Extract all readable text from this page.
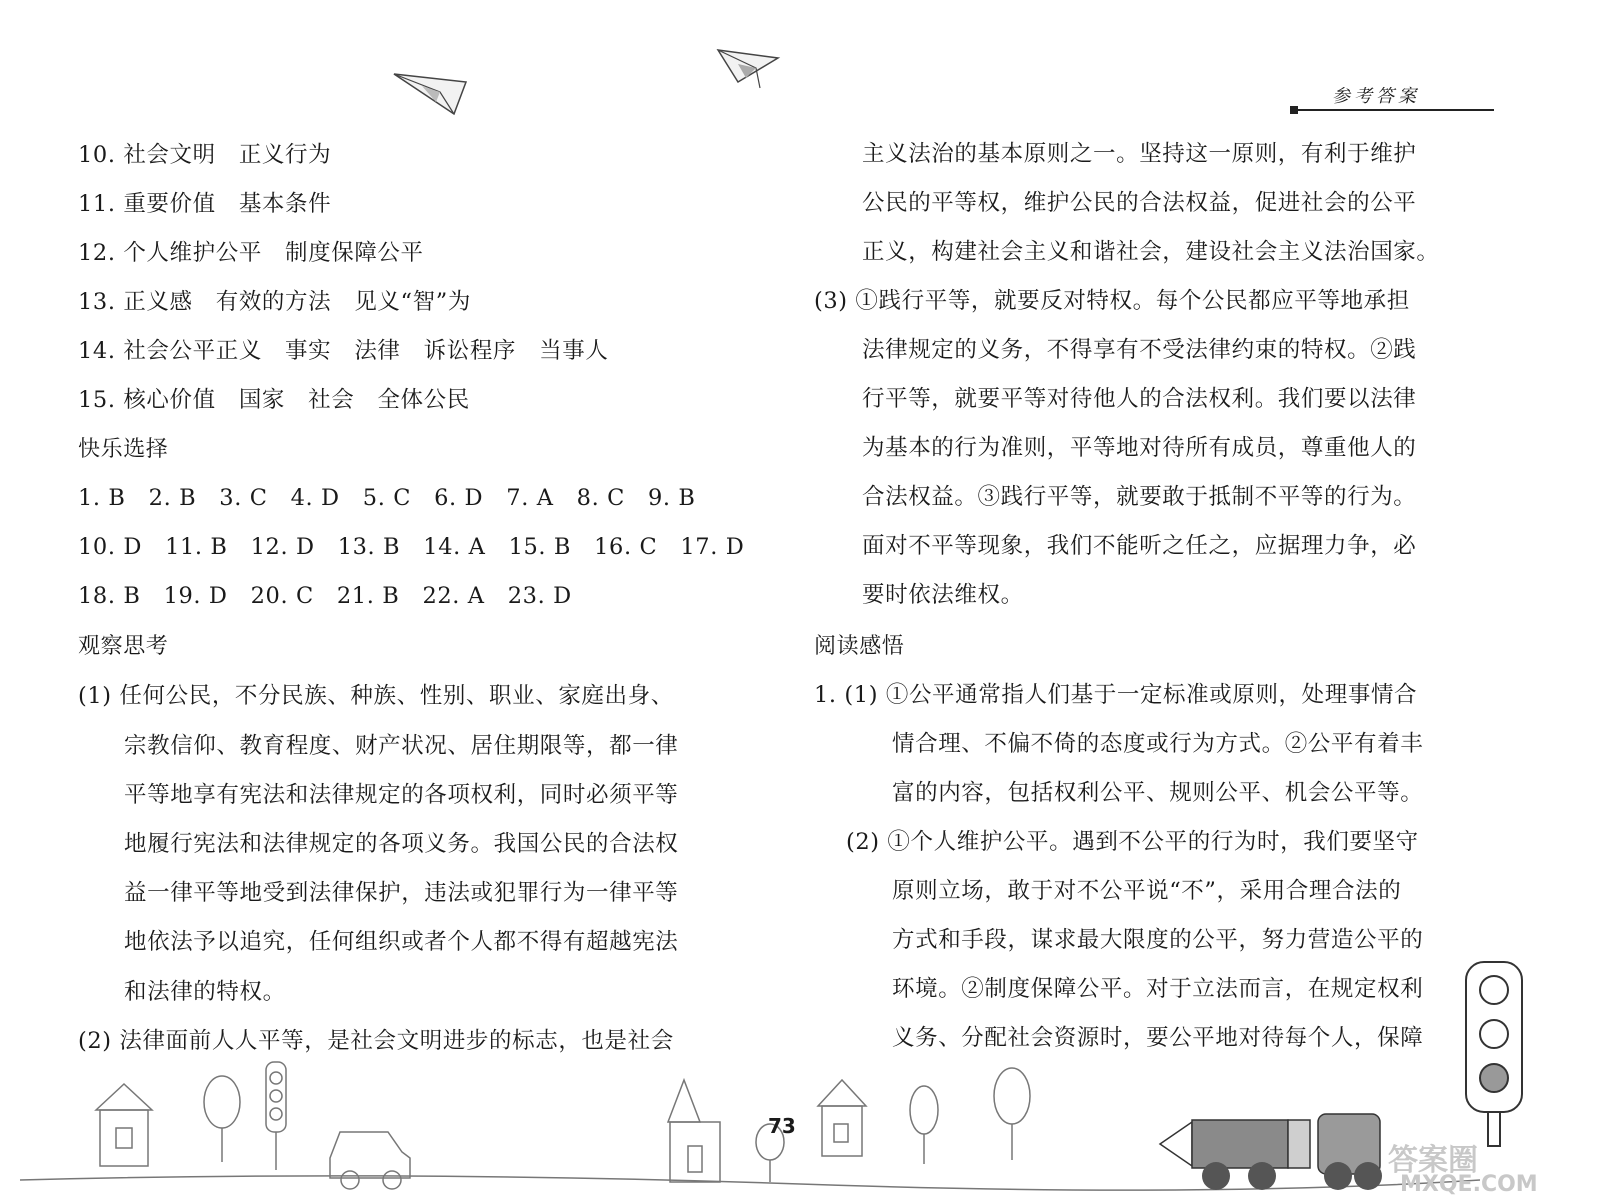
参考答案
10. 社会文明　正义行为
11. 重要价值　基本条件
12. 个人维护公平　制度保障公平
13. 正义感　有效的方法　见义“智”为
14. 社会公平正义　事实　法律　诉讼程序　当事人
15. 核心价值　国家　社会　全体公民
快乐选择
1. B　2. B　3. C　4. D　5. C　6. D　7. A　8. C　9. B
10. D　11. B　12. D　13. B　14. A　15. B　16. C　17. D
18. B　19. D　20. C　21. B　22. A　23. D
观察思考
(1) 任何公民，不分民族、种族、性别、职业、家庭出身、
宗教信仰、教育程度、财产状况、居住期限等，都一律
平等地享有宪法和法律规定的各项权利，同时必须平等
地履行宪法和法律规定的各项义务。我国公民的合法权
益一律平等地受到法律保护，违法或犯罪行为一律平等
地依法予以追究，任何组织或者个人都不得有超越宪法
和法律的特权。
(2) 法律面前人人平等，是社会文明进步的标志，也是社会
主义法治的基本原则之一。坚持这一原则，有利于维护
公民的平等权，维护公民的合法权益，促进社会的公平
正义，构建社会主义和谐社会，建设社会主义法治国家。
(3) ①践行平等，就要反对特权。每个公民都应平等地承担
法律规定的义务，不得享有不受法律约束的特权。②践
行平等，就要平等对待他人的合法权利。我们要以法律
为基本的行为准则，平等地对待所有成员，尊重他人的
合法权益。③践行平等，就要敢于抵制不平等的行为。
面对不平等现象，我们不能听之任之，应据理力争，必
要时依法维权。
阅读感悟
1. (1) ①公平通常指人们基于一定标准或原则，处理事情合
情合理、不偏不倚的态度或行为方式。②公平有着丰
富的内容，包括权利公平、规则公平、机会公平等。
(2) ①个人维护公平。遇到不公平的行为时，我们要坚守
原则立场，敢于对不公平说“不”，采用合理合法的
方式和手段，谋求最大限度的公平，努力营造公平的
环境。②制度保障公平。对于立法而言，在规定权利
义务、分配社会资源时，要公平地对待每个人，保障
73
答案圈
MXQE.COM
